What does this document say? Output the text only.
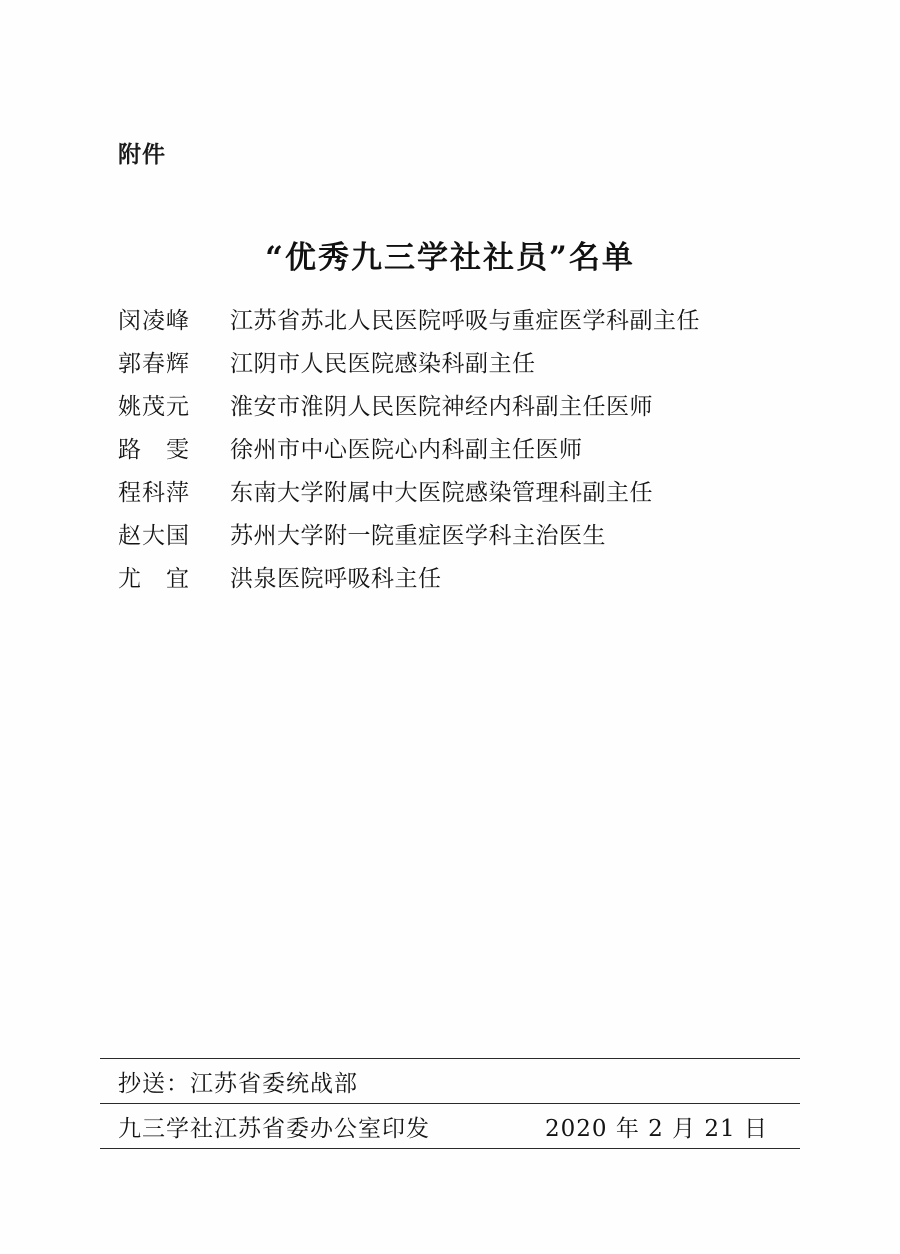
附件
“优秀九三学社社员”名单
闵凌峰	江苏省苏北人民医院呼吸与重症医学科副主任
郭春辉	江阴市人民医院感染科副主任
姚茂元	淮安市淮阴人民医院神经内科副主任医师
路　雯	徐州市中心医院心内科副主任医师
程科萍	东南大学附属中大医院感染管理科副主任
赵大国	苏州大学附一院重症医学科主治医生
尤　宜	洪泉医院呼吸科主任
抄送：江苏省委统战部
九三学社江苏省委办公室印发	2020 年 2 月 21 日
